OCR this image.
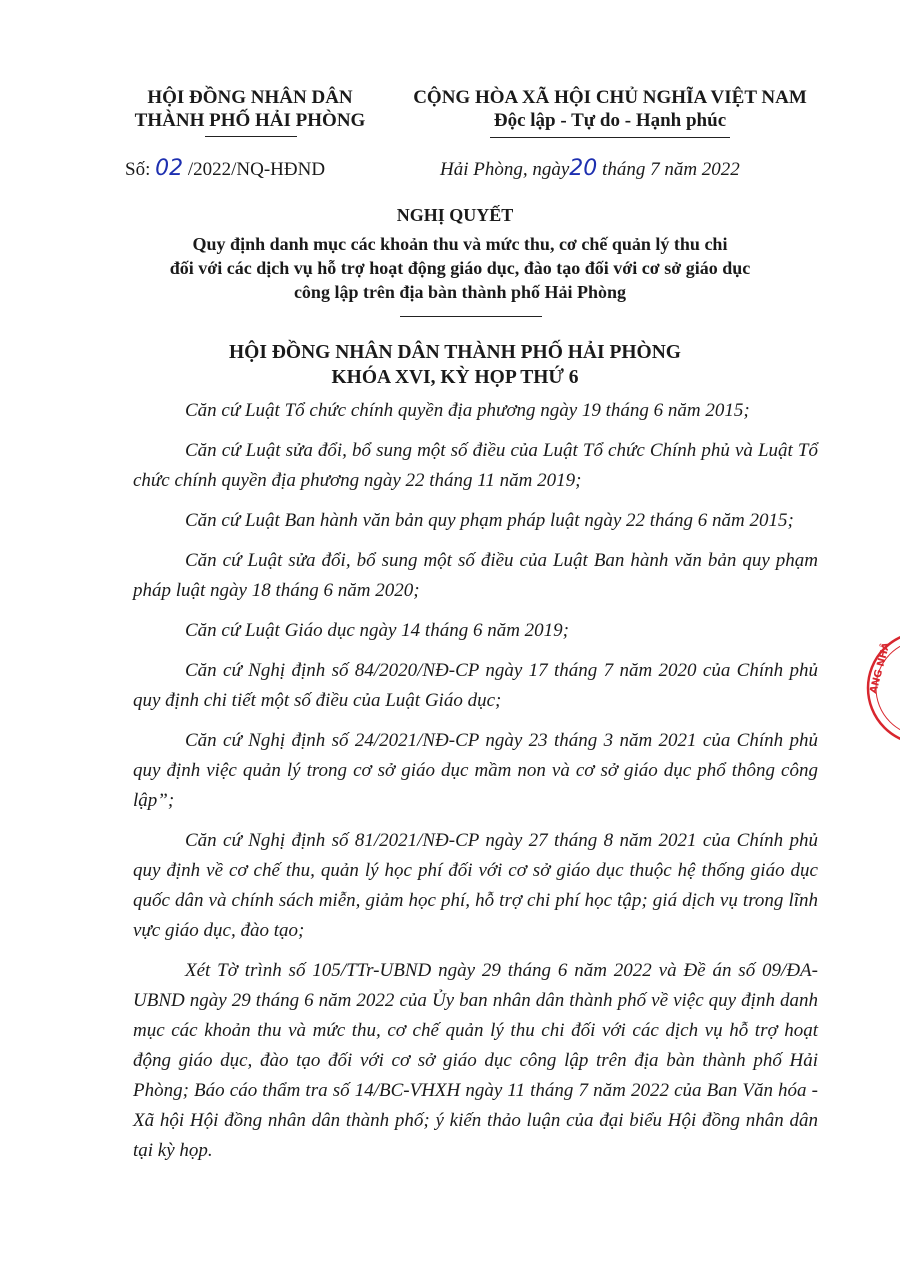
HỘI ĐỒNG NHÂN DÂN
THÀNH PHỐ HẢI PHÒNG
CỘNG HÒA XÃ HỘI CHỦ NGHĨA VIỆT NAM
Độc lập - Tự do - Hạnh phúc
Số: 02 /2022/NQ-HĐND	Hải Phòng, ngày20 tháng 7 năm 2022
NGHỊ QUYẾT
Quy định danh mục các khoản thu và mức thu, cơ chế quản lý thu chi
đối với các dịch vụ hỗ trợ hoạt động giáo dục, đào tạo đối với cơ sở giáo dục
công lập trên địa bàn thành phố Hải Phòng
HỘI ĐỒNG NHÂN DÂN THÀNH PHỐ HẢI PHÒNG
KHÓA XVI, KỲ HỌP THỨ 6

Căn cứ Luật Tổ chức chính quyền địa phương ngày 19 tháng 6 năm 2015;

Căn cứ Luật sửa đổi, bổ sung một số điều của Luật Tổ chức Chính phủ và Luật Tổ chức chính quyền địa phương ngày 22 tháng 11 năm 2019;

Căn cứ Luật Ban hành văn bản quy phạm pháp luật ngày 22 tháng 6 năm 2015;

Căn cứ Luật sửa đổi, bổ sung một số điều của Luật Ban hành văn bản quy phạm pháp luật ngày 18 tháng 6 năm 2020;

Căn cứ Luật Giáo dục ngày 14 tháng 6 năm 2019;

Căn cứ Nghị định số 84/2020/NĐ-CP ngày 17 tháng 7 năm 2020 của Chính phủ quy định chi tiết một số điều của Luật Giáo dục;

Căn cứ Nghị định số 24/2021/NĐ-CP ngày 23 tháng 3 năm 2021 của Chính phủ quy định việc quản lý trong cơ sở giáo dục mầm non và cơ sở giáo dục phổ thông công lập”;

Căn cứ Nghị định số 81/2021/NĐ-CP ngày 27 tháng 8 năm 2021 của Chính phủ quy định về cơ chế thu, quản lý học phí đối với cơ sở giáo dục thuộc hệ thống giáo dục quốc dân và chính sách miễn, giảm học phí, hỗ trợ chi phí học tập; giá dịch vụ trong lĩnh vực giáo dục, đào tạo;

Xét Tờ trình số 105/TTr-UBND ngày 29 tháng 6 năm 2022 và Đề án số 09/ĐA-UBND ngày 29 tháng 6 năm 2022 của Ủy ban nhân dân thành phố về việc quy định danh mục các khoản thu và mức thu, cơ chế quản lý thu chi đối với các dịch vụ hỗ trợ hoạt động giáo dục, đào tạo đối với cơ sở giáo dục công lập trên địa bàn thành phố Hải Phòng; Báo cáo thẩm tra số 14/BC-VHXH ngày 11 tháng 7 năm 2022 của Ban Văn hóa - Xã hội Hội đồng nhân dân thành phố; ý kiến thảo luận của đại biểu Hội đồng nhân dân tại kỳ họp.

ÀNG NHÂ
